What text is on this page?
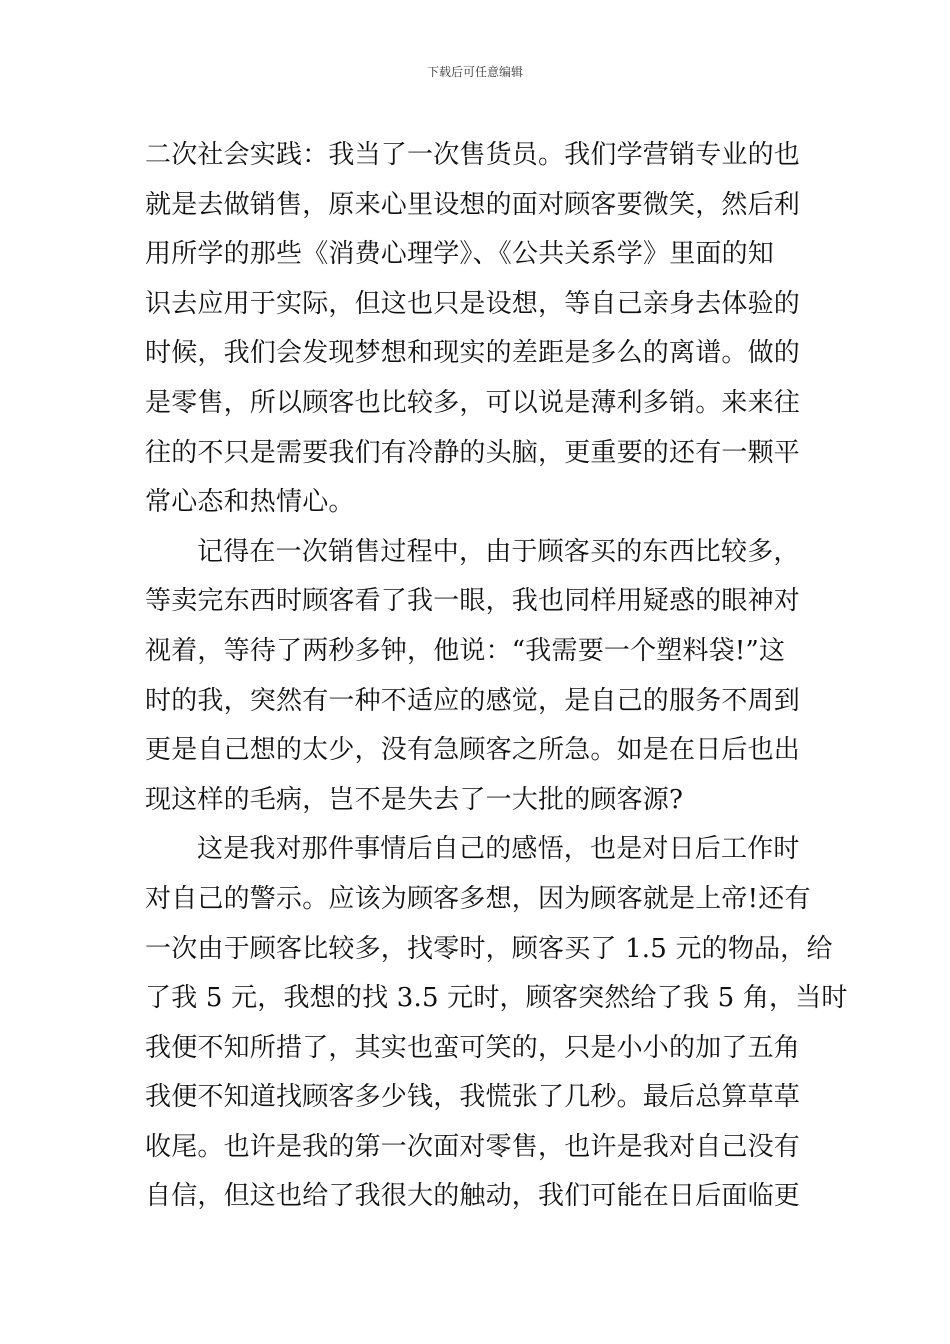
下载后可任意编辑
二次社会实践：我当了一次售货员。我们学营销专业的也
就是去做销售，原来心里设想的面对顾客要微笑，然后利
用所学的那些《消费心理学》、《公共关系学》里面的知
识去应用于实际，但这也只是设想，等自己亲身去体验的
时候，我们会发现梦想和现实的差距是多么的离谱。做的
是零售，所以顾客也比较多，可以说是薄利多销。来来往
往的不只是需要我们有冷静的头脑，更重要的还有一颗平
常心态和热情心。
记得在一次销售过程中，由于顾客买的东西比较多，
等卖完东西时顾客看了我一眼，我也同样用疑惑的眼神对
视着，等待了两秒多钟，他说：“我需要一个塑料袋!”这
时的我，突然有一种不适应的感觉，是自己的服务不周到
更是自己想的太少，没有急顾客之所急。如是在日后也出
现这样的毛病，岂不是失去了一大批的顾客源?
这是我对那件事情后自己的感悟，也是对日后工作时
对自己的警示。应该为顾客多想，因为顾客就是上帝!还有
一次由于顾客比较多，找零时，顾客买了 1.5 元的物品，给
了我 5 元，我想的找 3.5 元时，顾客突然给了我 5 角，当时
我便不知所措了，其实也蛮可笑的，只是小小的加了五角
我便不知道找顾客多少钱，我慌张了几秒。最后总算草草
收尾。也许是我的第一次面对零售，也许是我对自己没有
自信，但这也给了我很大的触动，我们可能在日后面临更
